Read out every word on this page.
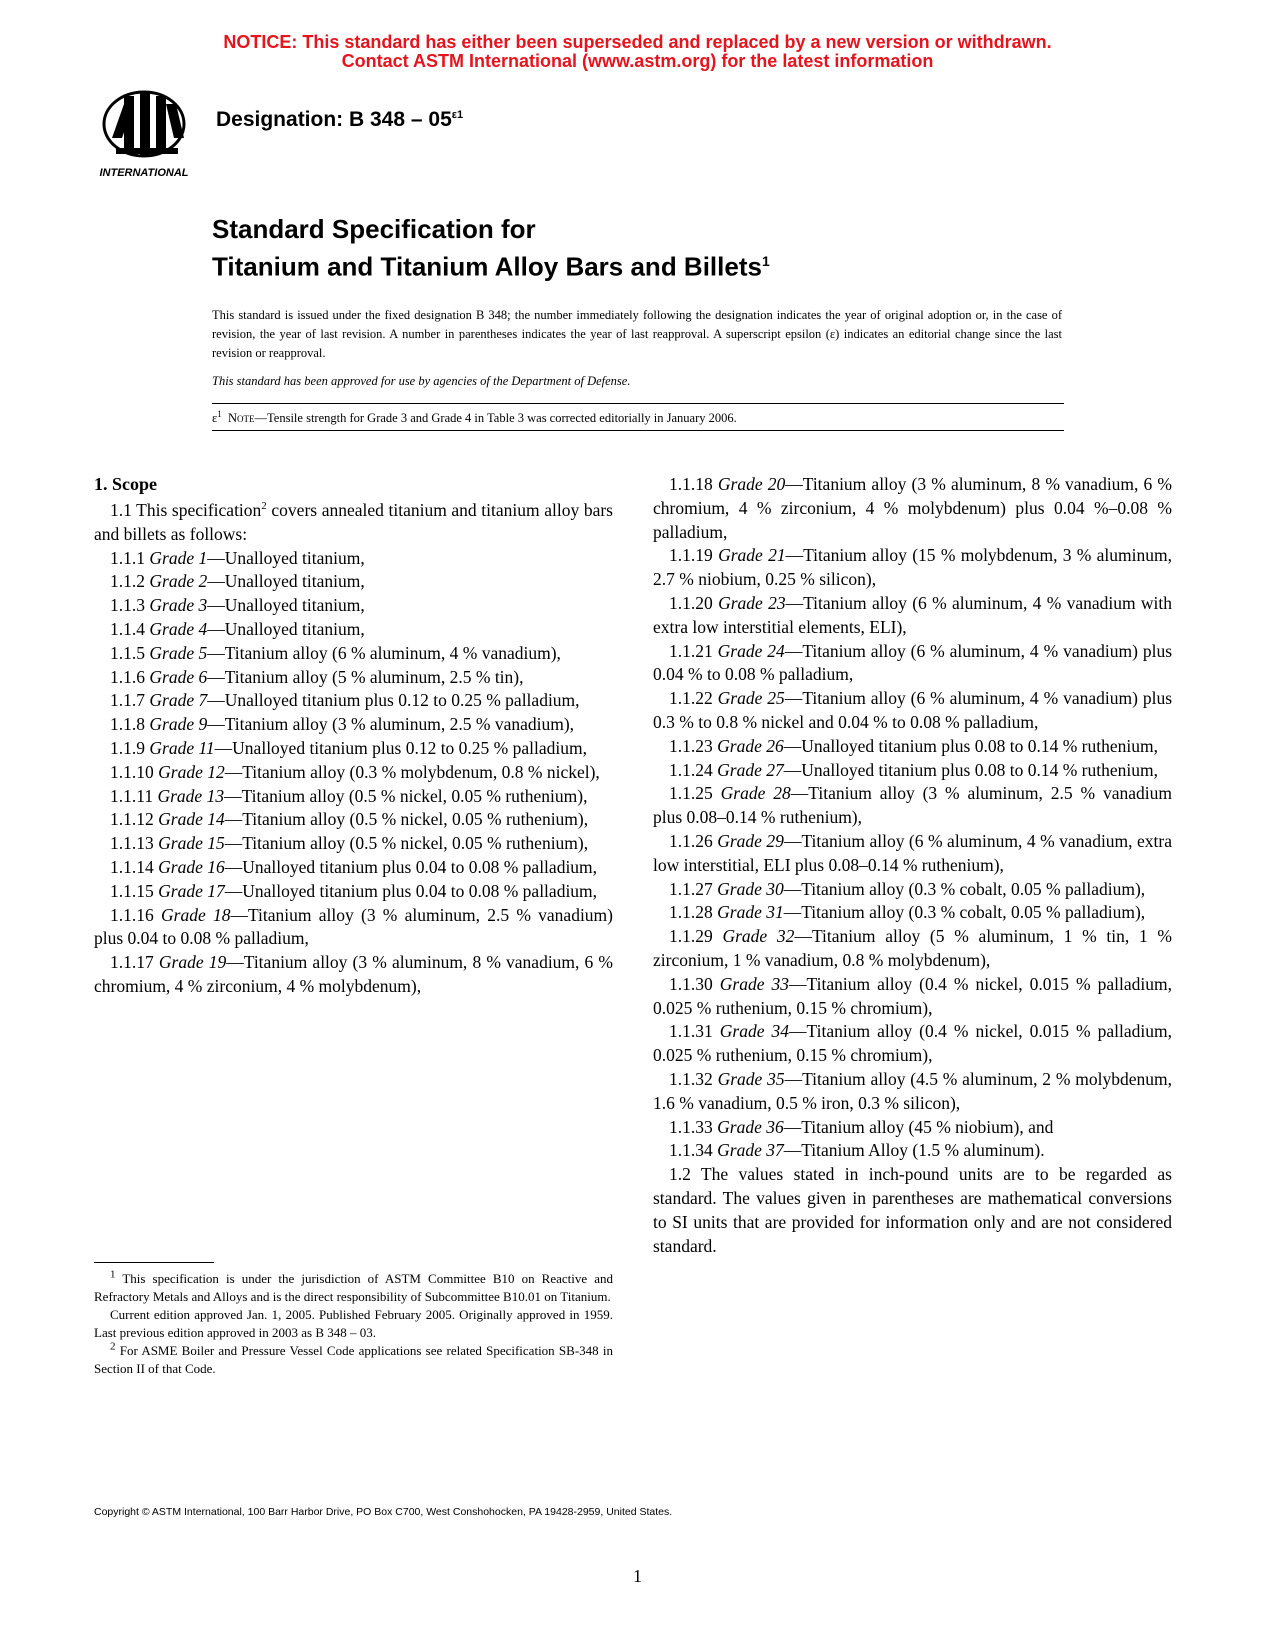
NOTICE: This standard has either been superseded and replaced by a new version or withdrawn.
Contact ASTM International (www.astm.org) for the latest information
INTERNATIONAL
Designation: B $348 - 05^{\varepsilon 1}$
Standard Specification for
Titanium and Titanium Alloy Bars and Billets$^1$
This standard is issued under the fixed designation B 348; the number immediately following the designation indicates the year of original adoption or, in the case of revision, the year of last revision. A number in parentheses indicates the year of last reapproval. A superscript epsilon (ε) indicates an editorial change since the last revision or reapproval.
This standard has been approved for use by agencies of the Department of Defense.
$\varepsilon^1$ Note—Tensile strength for Grade 3 and Grade 4 in Table 3 was corrected editorially in January 2006.
1. Scope

1.1 This specification$^2$ covers annealed titanium and titanium alloy bars and billets as follows:

1.1.1 Grade 1—Unalloyed titanium,

1.1.2 Grade 2—Unalloyed titanium,

1.1.3 Grade 3—Unalloyed titanium,

1.1.4 Grade 4—Unalloyed titanium,

1.1.5 Grade 5—Titanium alloy (6 % aluminum, 4 % vanadium),

1.1.6 Grade 6—Titanium alloy (5 % aluminum, 2.5 % tin),

1.1.7 Grade 7—Unalloyed titanium plus 0.12 to 0.25 % palladium,

1.1.8 Grade 9—Titanium alloy (3 % aluminum, 2.5 % vanadium),

1.1.9 Grade 11—Unalloyed titanium plus 0.12 to 0.25 % palladium,

1.1.10 Grade 12—Titanium alloy (0.3 % molybdenum, 0.8 % nickel),

1.1.11 Grade 13—Titanium alloy (0.5 % nickel, 0.05 % ruthenium),

1.1.12 Grade 14—Titanium alloy (0.5 % nickel, 0.05 % ruthenium),

1.1.13 Grade 15—Titanium alloy (0.5 % nickel, 0.05 % ruthenium),

1.1.14 Grade 16—Unalloyed titanium plus 0.04 to 0.08 % palladium,

1.1.15 Grade 17—Unalloyed titanium plus 0.04 to 0.08 % palladium,

1.1.16 Grade 18—Titanium alloy (3 % aluminum, 2.5 % vanadium) plus 0.04 to 0.08 % palladium,

1.1.17 Grade 19—Titanium alloy (3 % aluminum, 8 % vanadium, 6 % chromium, 4 % zirconium, 4 % molybdenum),

1.1.18 Grade 20—Titanium alloy (3 % aluminum, 8 % vanadium, 6 % chromium, 4 % zirconium, 4 % molybdenum) plus 0.04 %–0.08 % palladium,

1.1.19 Grade 21—Titanium alloy (15 % molybdenum, 3 % aluminum, 2.7 % niobium, 0.25 % silicon),

1.1.20 Grade 23—Titanium alloy (6 % aluminum, 4 % vanadium with extra low interstitial elements, ELI),

1.1.21 Grade 24—Titanium alloy (6 % aluminum, 4 % vanadium) plus 0.04 % to 0.08 % palladium,

1.1.22 Grade 25—Titanium alloy (6 % aluminum, 4 % vanadium) plus 0.3 % to 0.8 % nickel and 0.04 % to 0.08 % palladium,

1.1.23 Grade 26—Unalloyed titanium plus 0.08 to 0.14 % ruthenium,

1.1.24 Grade 27—Unalloyed titanium plus 0.08 to 0.14 % ruthenium,

1.1.25 Grade 28—Titanium alloy (3 % aluminum, 2.5 % vanadium plus 0.08–0.14 % ruthenium),

1.1.26 Grade 29—Titanium alloy (6 % aluminum, 4 % vanadium, extra low interstitial, ELI plus 0.08–0.14 % ruthenium),

1.1.27 Grade 30—Titanium alloy (0.3 % cobalt, 0.05 % palladium),

1.1.28 Grade 31—Titanium alloy (0.3 % cobalt, 0.05 % palladium),

1.1.29 Grade 32—Titanium alloy (5 % aluminum, 1 % tin, 1 % zirconium, 1 % vanadium, 0.8 % molybdenum),

1.1.30 Grade 33—Titanium alloy (0.4 % nickel, 0.015 % palladium, 0.025 % ruthenium, 0.15 % chromium),

1.1.31 Grade 34—Titanium alloy (0.4 % nickel, 0.015 % palladium, 0.025 % ruthenium, 0.15 % chromium),

1.1.32 Grade 35—Titanium alloy (4.5 % aluminum, 2 % molybdenum, 1.6 % vanadium, 0.5 % iron, 0.3 % silicon),

1.1.33 Grade 36—Titanium alloy (45 % niobium), and

1.1.34 Grade 37—Titanium Alloy (1.5 % aluminum).

1.2 The values stated in inch-pound units are to be regarded as standard. The values given in parentheses are mathematical conversions to SI units that are provided for information only and are not considered standard.

$^1$ This specification is under the jurisdiction of ASTM Committee B10 on Reactive and Refractory Metals and Alloys and is the direct responsibility of Subcommittee B10.01 on Titanium.

Current edition approved Jan. 1, 2005. Published February 2005. Originally approved in 1959. Last previous edition approved in 2003 as B 348 – 03.

$^2$ For ASME Boiler and Pressure Vessel Code applications see related Specification SB-348 in Section II of that Code.

Copyright © ASTM International, 100 Barr Harbor Drive, PO Box C700, West Conshohocken, PA 19428-2959, United States.
1
